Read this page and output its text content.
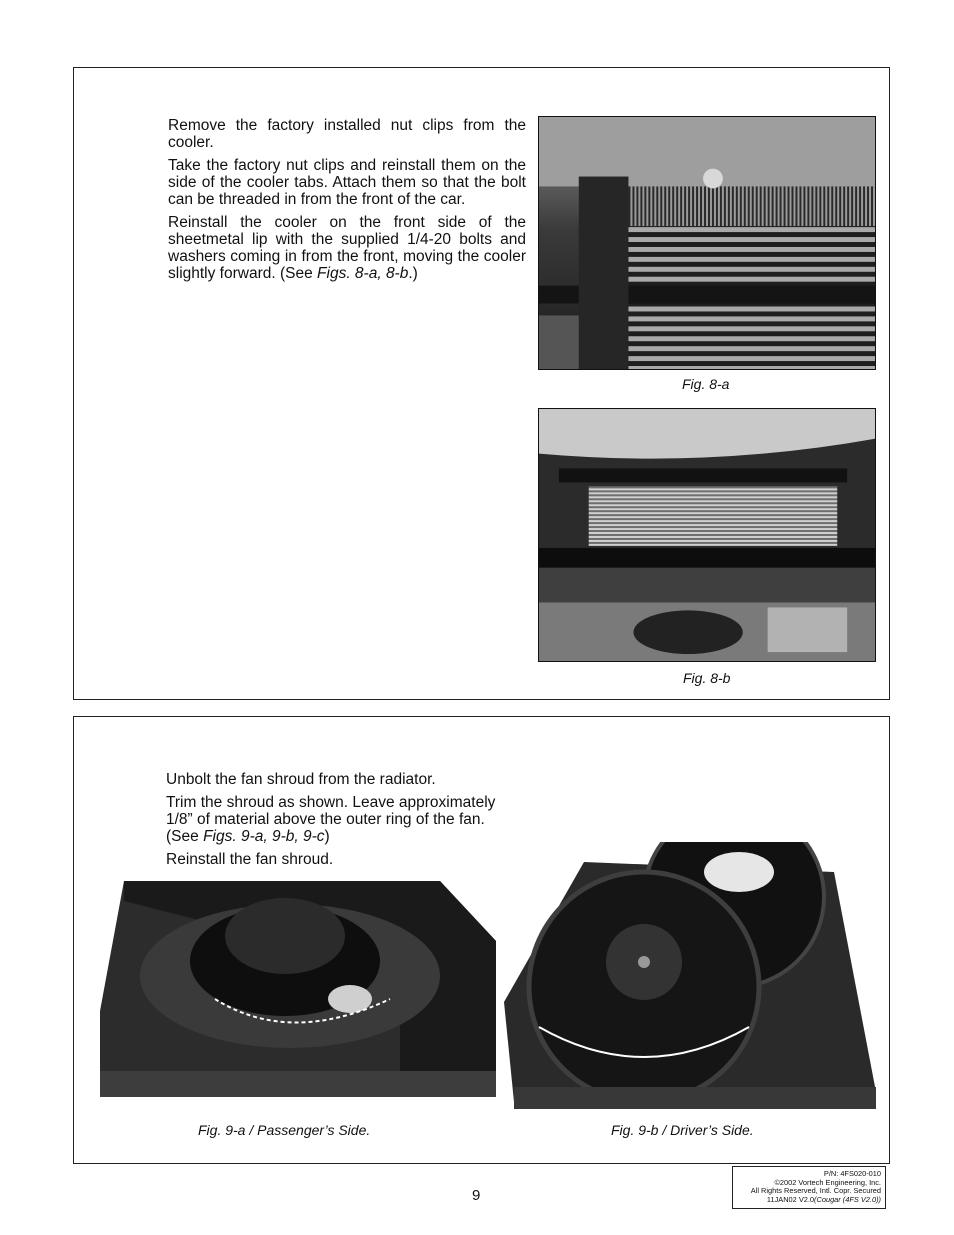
Remove the factory installed nut clips from the cooler.

Take the factory nut clips and reinstall them on the side of the cooler tabs. Attach them so that the bolt can be threaded in from the front of the car.

Reinstall the cooler on the front side of the sheetmetal lip with the supplied 1/4-20 bolts and washers coming in from the front, moving the cooler slightly forward. (See Figs. 8-a, 8-b.)

Fig. 8-a
Fig. 8-b

Unbolt the fan shroud from the radiator.

Trim the shroud as shown. Leave approximately 1/8” of material above the outer ring of the fan. (See Figs. 9-a, 9-b, 9-c)

Reinstall the fan shroud.

Fig. 9-a / Passenger’s Side.	Fig. 9-b / Driver’s Side.
9
P/N: 4FS020-010
©2002 Vortech Engineering, Inc.
All Rights Reserved, Intl. Copr. Secured
11JAN02 V2.0(Cougar (4FS V2.0))
